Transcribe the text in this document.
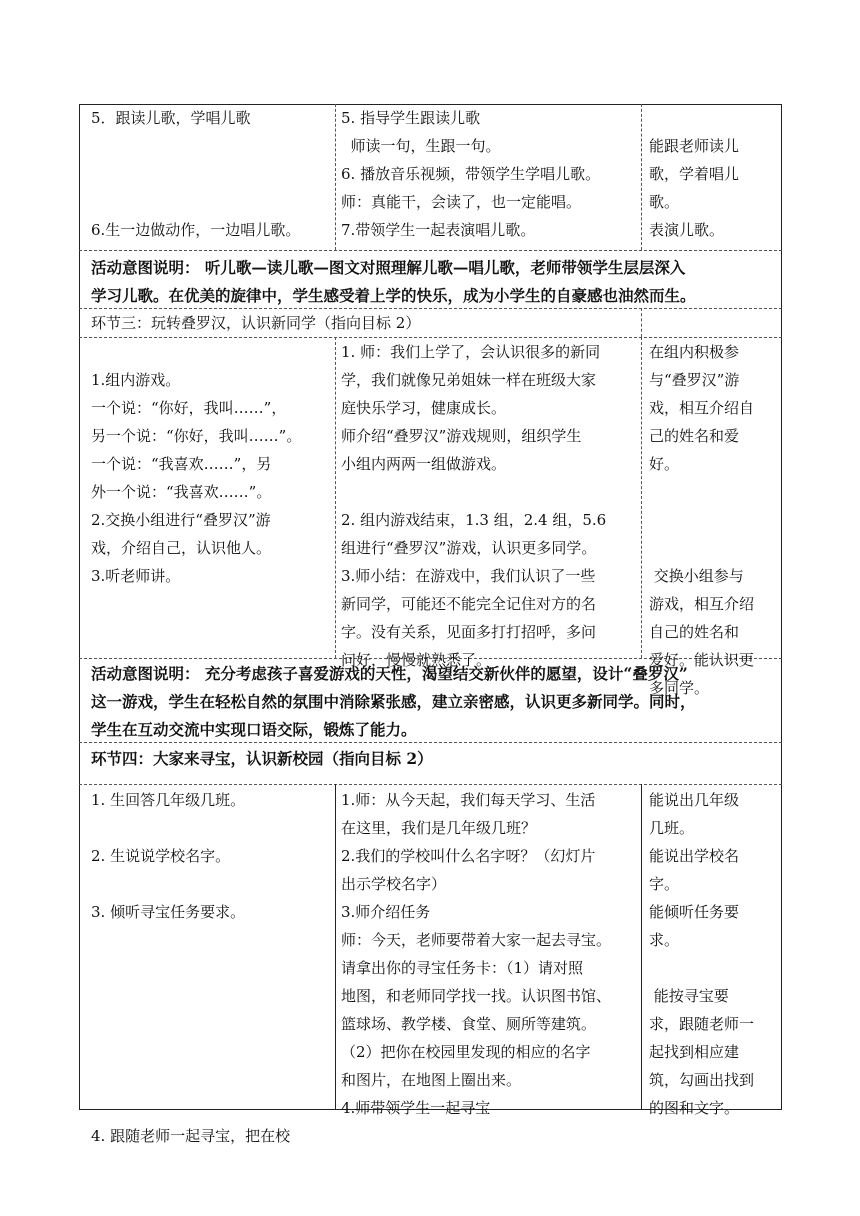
5．跟读儿歌，学唱儿歌

6.生一边做动作，一边唱儿歌。

5. 指导学生跟读儿歌

师读一句，生跟一句。

6. 播放音乐视频，带领学生学唱儿歌。

师：真能干，会读了，也一定能唱。

7.带领学生一起表演唱儿歌。

能跟老师读儿

歌，学着唱儿

歌。

表演儿歌。

活动意图说明： 听儿歌—读儿歌—图文对照理解儿歌—唱儿歌，老师带领学生层层深入

学习儿歌。在优美的旋律中，学生感受着上学的快乐，成为小学生的自豪感也油然而生。

环节三：玩转叠罗汉，认识新同学（指向目标 2）

1.组内游戏。

一个说：“你好，我叫……”，

另一个说：“你好，我叫……”。

一个说：“我喜欢……”，另

外一个说：“我喜欢……”。

2.交换小组进行“叠罗汉”游

戏，介绍自己，认识他人。

3.听老师讲。

1. 师：我们上学了，会认识很多的新同

学，我们就像兄弟姐妹一样在班级大家

庭快乐学习，健康成长。

师介绍“叠罗汉”游戏规则，组织学生

小组内两两一组做游戏。

2. 组内游戏结束，1.3 组，2.4 组，5.6

组进行“叠罗汉”游戏，认识更多同学。

3.师小结：在游戏中，我们认识了一些

新同学，可能还不能完全记住对方的名

字。没有关系，见面多打打招呼，多问

问好，慢慢就熟悉了。

在组内积极参

与“叠罗汉”游

戏，相互介绍自

己的姓名和爱

好。

交换小组参与

游戏，相互介绍

自己的姓名和

爱好。能认识更

多同学。

活动意图说明： 充分考虑孩子喜爱游戏的天性，渴望结交新伙伴的愿望，设计“叠罗汉”

这一游戏，学生在轻松自然的氛围中消除紧张感，建立亲密感，认识更多新同学。同时，

学生在互动交流中实现口语交际，锻炼了能力。

环节四：大家来寻宝，认识新校园（指向目标 2）

1. 生回答几年级几班。

2. 生说说学校名字。

3. 倾听寻宝任务要求。

4. 跟随老师一起寻宝，把在校

1.师：从今天起，我们每天学习、生活

在这里，我们是几年级几班？

2.我们的学校叫什么名字呀？（幻灯片

出示学校名字）

3.师介绍任务

师：今天，老师要带着大家一起去寻宝。

请拿出你的寻宝任务卡：（1）请对照

地图，和老师同学找一找。认识图书馆、

篮球场、教学楼、食堂、厕所等建筑。

（2）把你在校园里发现的相应的名字

和图片，在地图上圈出来。

4.师带领学生一起寻宝

能说出几年级

几班。

能说出学校名

字。

能倾听任务要

求。

能按寻宝要

求，跟随老师一

起找到相应建

筑，勾画出找到

的图和文字。
